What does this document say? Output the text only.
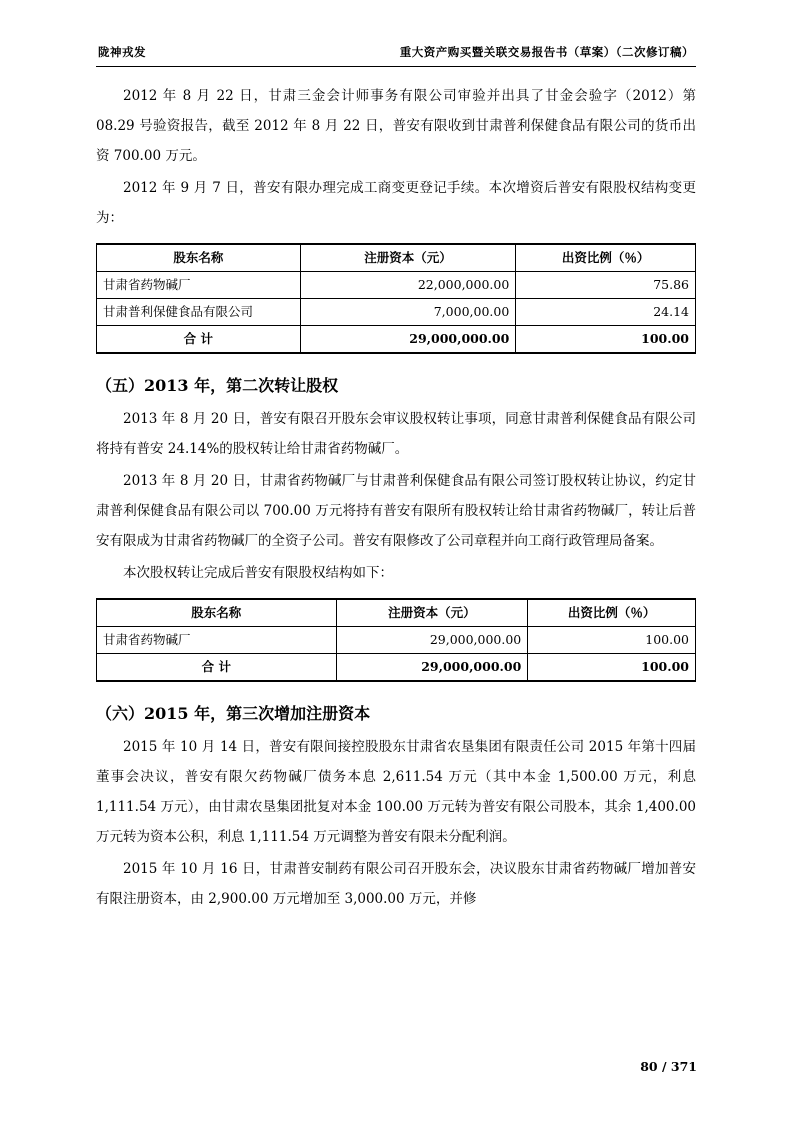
陇神戎发	重大资产购买暨关联交易报告书（草案）（二次修订稿）

2012 年 8 月 22 日，甘肃三金会计师事务有限公司审验并出具了甘金会验字（2012）第 08.29 号验资报告，截至 2012 年 8 月 22 日，普安有限收到甘肃普利保健食品有限公司的货币出资 700.00 万元。

2012 年 9 月 7 日，普安有限办理完成工商变更登记手续。本次增资后普安有限股权结构变更为：

股东名称	注册资本（元）	出资比例（％）
甘肃省药物碱厂	22,000,000.00	75.86
甘肃普利保健食品有限公司	7,000,00.00	24.14
合 计	29,000,000.00	100.00
（五）2013 年，第二次转让股权

2013 年 8 月 20 日，普安有限召开股东会审议股权转让事项，同意甘肃普利保健食品有限公司将持有普安 24.14%的股权转让给甘肃省药物碱厂。

2013 年 8 月 20 日，甘肃省药物碱厂与甘肃普利保健食品有限公司签订股权转让协议，约定甘肃普利保健食品有限公司以 700.00 万元将持有普安有限所有股权转让给甘肃省药物碱厂，转让后普安有限成为甘肃省药物碱厂的全资子公司。普安有限修改了公司章程并向工商行政管理局备案。

本次股权转让完成后普安有限股权结构如下：

股东名称	注册资本（元）	出资比例（％）
甘肃省药物碱厂	29,000,000.00	100.00
合 计	29,000,000.00	100.00
（六）2015 年，第三次增加注册资本

2015 年 10 月 14 日，普安有限间接控股股东甘肃省农垦集团有限责任公司 2015 年第十四届董事会决议，普安有限欠药物碱厂债务本息 2,611.54 万元（其中本金 1,500.00 万元，利息 1,111.54 万元），由甘肃农垦集团批复对本金 100.00 万元转为普安有限公司股本，其余 1,400.00 万元转为资本公积，利息 1,111.54 万元调整为普安有限未分配利润。

2015 年 10 月 16 日，甘肃普安制药有限公司召开股东会，决议股东甘肃省药物碱厂增加普安有限注册资本，由 2,900.00 万元增加至 3,000.00 万元，并修

80 / 371
